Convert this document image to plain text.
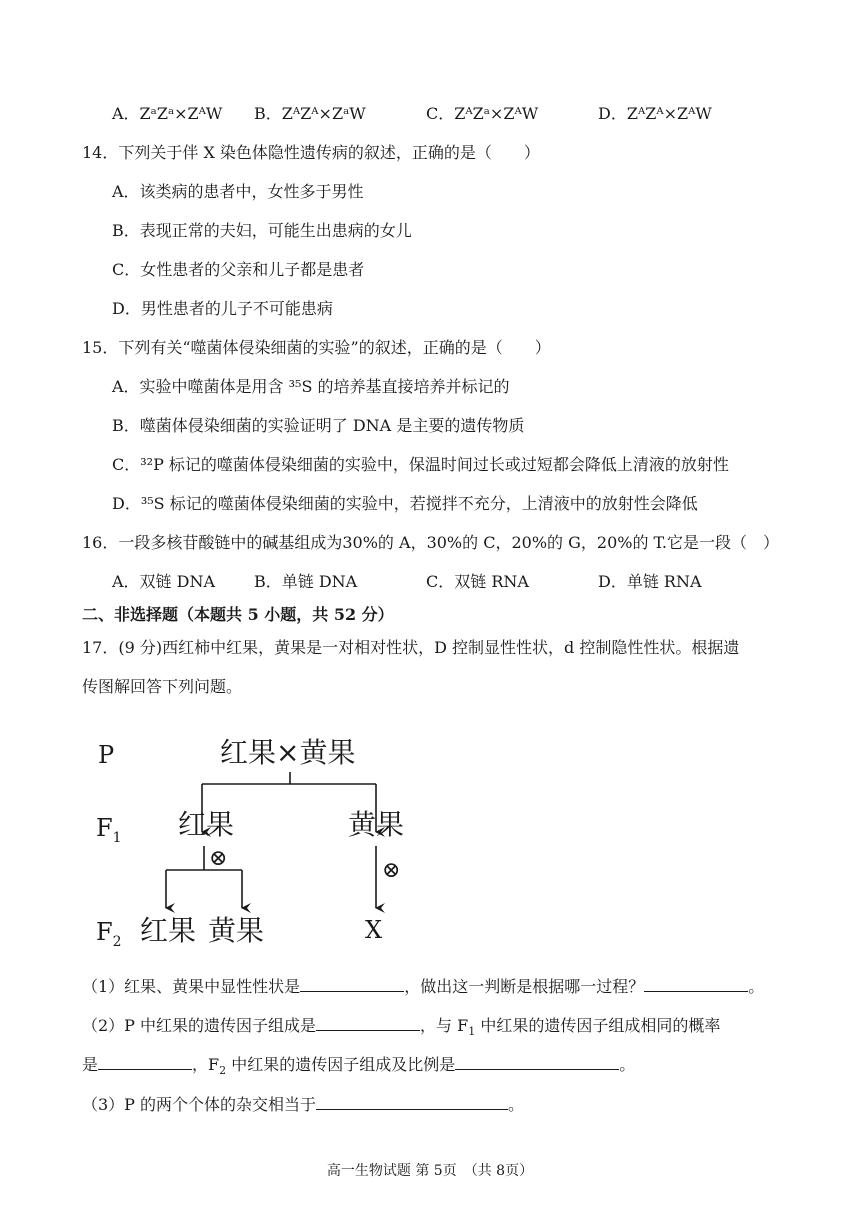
A．ZᵃZᵃ×ZᴬW B．ZᴬZᴬ×ZᵃW	C．ZᴬZᵃ×ZᴬW	D．ZᴬZᴬ×ZᴬW
14．下列关于伴 X 染色体隐性遗传病的叙述，正确的是（　　）
A．该类病的患者中，女性多于男性
B．表现正常的夫妇，可能生出患病的女儿
C．女性患者的父亲和儿子都是患者
D．男性患者的儿子不可能患病
15．下列有关“噬菌体侵染细菌的实验”的叙述，正确的是（　　）
A．实验中噬菌体是用含 ³⁵S 的培养基直接培养并标记的
B．噬菌体侵染细菌的实验证明了 DNA 是主要的遗传物质
C．³²P 标记的噬菌体侵染细菌的实验中，保温时间过长或过短都会降低上清液的放射性
D．³⁵S 标记的噬菌体侵染细菌的实验中，若搅拌不充分，上清液中的放射性会降低
16．一段多核苷酸链中的碱基组成为30%的 A，30%的 C，20%的 G，20%的 T.它是一段（　）
A．双链 DNA B．单链 DNA	C．双链 RNA	D．单链 RNA
二、非选择题（本题共 5 小题，共 52 分）
17．(9 分)西红柿中红果，黄果是一对相对性状，D 控制显性性状，d 控制隐性性状。根据遗
传图解回答下列问题。
P	红果×黄果
$F_1$ 红果	黄果
⊗	⊗
$F_2$ 红果 黄果	X
（1）红果、黄果中显性性状是	，做出这一判断是根据哪一过程？	。
（2）P 中红果的遗传因子组成是	，与 $F_1$ 中红果的遗传因子组成相同的概率
是	，$F_2$ 中红果的遗传因子组成及比例是	。
（3）P 的两个个体的杂交相当于	。
高一生物试题 第 5页　（共 8页）
